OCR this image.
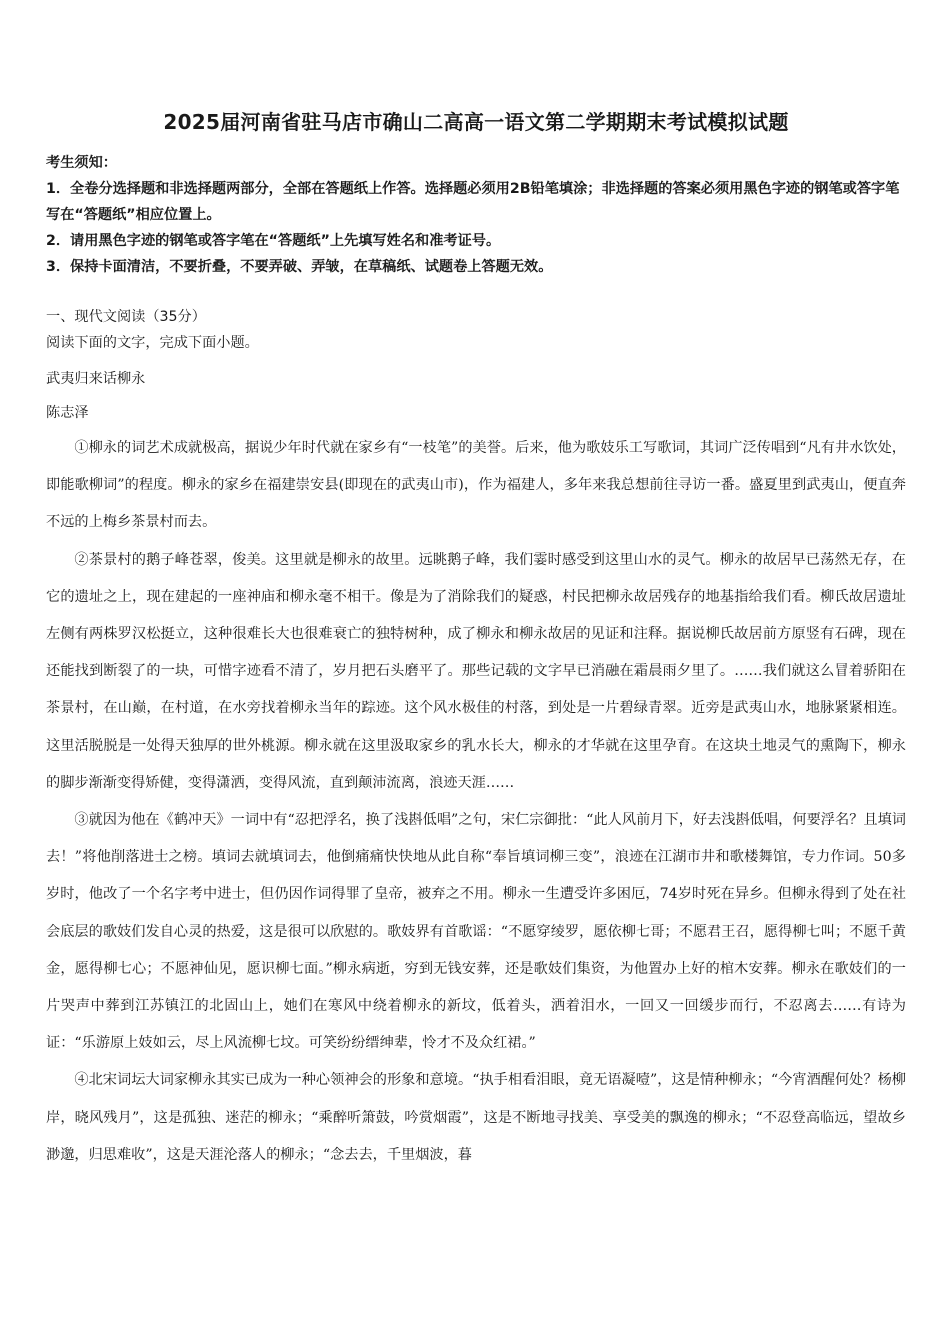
2025届河南省驻马店市确山二高高一语文第二学期期末考试模拟试题

考生须知：

1．全卷分选择题和非选择题两部分，全部在答题纸上作答。选择题必须用2B铅笔填涂；非选择题的答案必须用黑色字迹的钢笔或答字笔写在“答题纸”相应位置上。

2．请用黑色字迹的钢笔或答字笔在“答题纸”上先填写姓名和准考证号。

3．保持卡面清洁，不要折叠，不要弄破、弄皱，在草稿纸、试题卷上答题无效。

一、现代文阅读（35分）

阅读下面的文字，完成下面小题。

武夷归来话柳永

陈志泽

①柳永的词艺术成就极高，据说少年时代就在家乡有“一枝笔”的美誉。后来，他为歌妓乐工写歌词，其词广泛传唱到“凡有井水饮处，即能歌柳词”的程度。柳永的家乡在福建崇安县(即现在的武夷山市)，作为福建人，多年来我总想前往寻访一番。盛夏里到武夷山，便直奔不远的上梅乡茶景村而去。

②茶景村的鹅子峰苍翠，俊美。这里就是柳永的故里。远眺鹅子峰，我们霎时感受到这里山水的灵气。柳永的故居早已荡然无存，在它的遗址之上，现在建起的一座神庙和柳永毫不相干。像是为了消除我们的疑惑，村民把柳永故居残存的地基指给我们看。柳氏故居遗址左侧有两株罗汉松挺立，这种很难长大也很难衰亡的独特树种，成了柳永和柳永故居的见证和注释。据说柳氏故居前方原竖有石碑，现在还能找到断裂了的一块，可惜字迹看不清了，岁月把石头磨平了。那些记载的文字早已消融在霜晨雨夕里了。……我们就这么冒着骄阳在茶景村，在山巅，在村道，在水旁找着柳永当年的踪迹。这个风水极佳的村落，到处是一片碧绿青翠。近旁是武夷山水，地脉紧紧相连。这里活脱脱是一处得天独厚的世外桃源。柳永就在这里汲取家乡的乳水长大，柳永的才华就在这里孕育。在这块土地灵气的熏陶下，柳永的脚步渐渐变得矫健，变得潇洒，变得风流，直到颠沛流离，浪迹天涯……

③就因为他在《鹤冲天》一词中有“忍把浮名，换了浅斟低唱”之句，宋仁宗御批：“此人风前月下，好去浅斟低唱，何要浮名？且填词去！”将他削落进士之榜。填词去就填词去，他倒痛痛快快地从此自称“奉旨填词柳三变”，浪迹在江湖市井和歌楼舞馆，专力作词。50多岁时，他改了一个名字考中进士，但仍因作词得罪了皇帝，被弃之不用。柳永一生遭受许多困厄，74岁时死在异乡。但柳永得到了处在社会底层的歌妓们发自心灵的热爱，这是很可以欣慰的。歌妓界有首歌谣：“不愿穿绫罗，愿依柳七哥；不愿君王召，愿得柳七叫；不愿千黄金，愿得柳七心；不愿神仙见，愿识柳七面。”柳永病逝，穷到无钱安葬，还是歌妓们集资，为他置办上好的棺木安葬。柳永在歌妓们的一片哭声中葬到江苏镇江的北固山上，她们在寒风中绕着柳永的新坟，低着头，洒着泪水，一回又一回缓步而行，不忍离去……有诗为证：“乐游原上妓如云，尽上风流柳七坟。可笑纷纷缙绅辈，怜才不及众红裙。”

④北宋词坛大词家柳永其实已成为一种心领神会的形象和意境。“执手相看泪眼，竟无语凝噎”，这是情种柳永；“今宵酒醒何处？杨柳岸，晓风残月”，这是孤独、迷茫的柳永；“乘醉听箫鼓，吟赏烟霞”，这是不断地寻找美、享受美的飘逸的柳永；“不忍登高临远，望故乡渺邈，归思难收”，这是天涯沦落人的柳永；“念去去，千里烟波，暮
